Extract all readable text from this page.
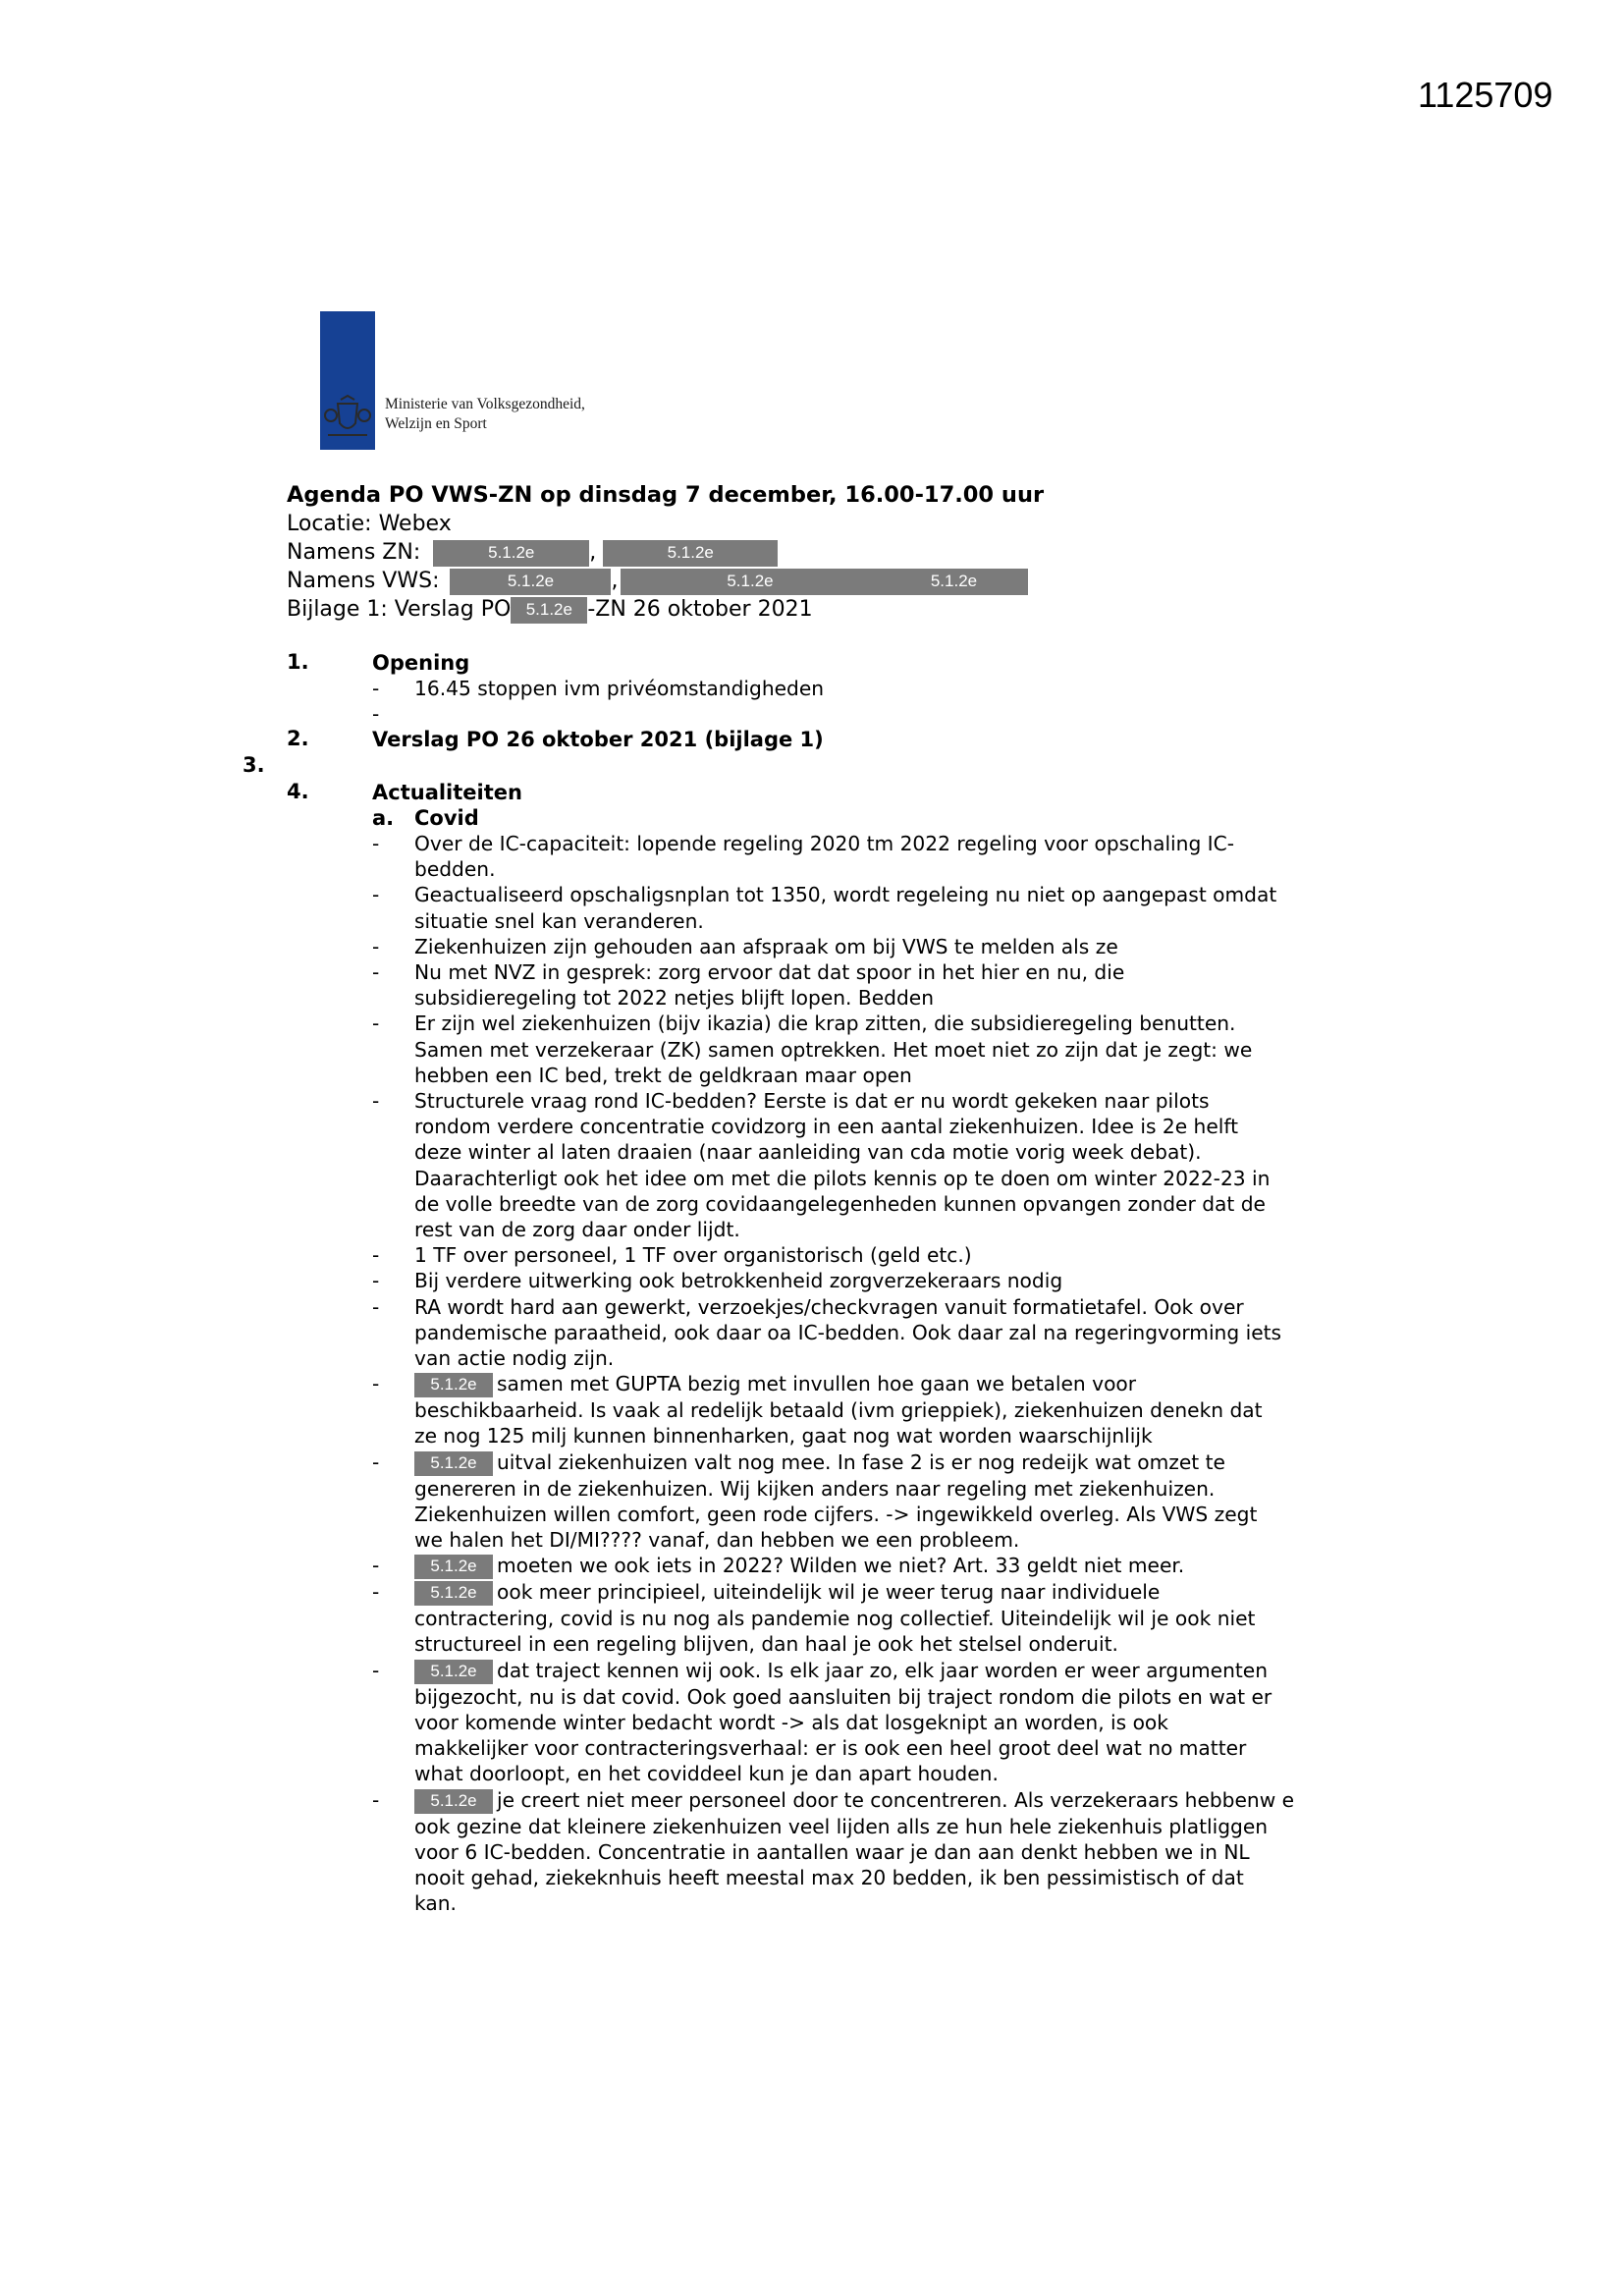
1125709
Ministerie van Volksgezondheid,
Welzijn en Sport
Agenda PO VWS-ZN op dinsdag 7 december, 16.00-17.00 uur
Locatie: Webex
Namens ZN:	5.1.2e	,	5.1.2e
Namens VWS:	5.1.2e	,	5.1.2e	5.1.2e
Bijlage 1: Verslag PO 5.1.2e -ZN 26 oktober 2021
1.	Opening
- 16.45 stoppen ivm privéomstandigheden
-
2.	Verslag PO 26 oktober 2021 (bijlage 1)
3.
4.	Actualiteiten
a. Covid
- Over de IC-capaciteit: lopende regeling 2020 tm 2022 regeling voor opschaling IC-
bedden.
- Geactualiseerd opschaligsnplan tot 1350, wordt regeleing nu niet op aangepast omdat
situatie snel kan veranderen.
- Ziekenhuizen zijn gehouden aan afspraak om bij VWS te melden als ze
- Nu met NVZ in gesprek: zorg ervoor dat dat spoor in het hier en nu, die
subsidieregeling tot 2022 netjes blijft lopen. Bedden
- Er zijn wel ziekenhuizen (bijv ikazia) die krap zitten, die subsidieregeling benutten.
Samen met verzekeraar (ZK) samen optrekken. Het moet niet zo zijn dat je zegt: we
hebben een IC bed, trekt de geldkraan maar open
- Structurele vraag rond IC-bedden? Eerste is dat er nu wordt gekeken naar pilots
rondom verdere concentratie covidzorg in een aantal ziekenhuizen. Idee is 2e helft
deze winter al laten draaien (naar aanleiding van cda motie vorig week debat).
Daarachterligt ook het idee om met die pilots kennis op te doen om winter 2022-23 in
de volle breedte van de zorg covidaangelegenheden kunnen opvangen zonder dat de
rest van de zorg daar onder lijdt.
- 1 TF over personeel, 1 TF over organistorisch (geld etc.)
- Bij verdere uitwerking ook betrokkenheid zorgverzekeraars nodig
- RA wordt hard aan gewerkt, verzoekjes/checkvragen vanuit formatietafel. Ook over
pandemische paraatheid, ook daar oa IC-bedden. Ook daar zal na regeringvorming iets
van actie nodig zijn.
-	5.1.2e samen met GUPTA bezig met invullen hoe gaan we betalen voor
beschikbaarheid. Is vaak al redelijk betaald (ivm grieppiek), ziekenhuizen denekn dat
ze nog 125 milj kunnen binnenharken, gaat nog wat worden waarschijnlijk
-	5.1.2e uitval ziekenhuizen valt nog mee. In fase 2 is er nog redeijk wat omzet te
genereren in de ziekenhuizen. Wij kijken anders naar regeling met ziekenhuizen.
Ziekenhuizen willen comfort, geen rode cijfers. -> ingewikkeld overleg. Als VWS zegt
we halen het DI/MI???? vanaf, dan hebben we een probleem.
-	5.1.2e moeten we ook iets in 2022? Wilden we niet? Art. 33 geldt niet meer.
-	5.1.2e ook meer principieel, uiteindelijk wil je weer terug naar individuele
contractering, covid is nu nog als pandemie nog collectief. Uiteindelijk wil je ook niet
structureel in een regeling blijven, dan haal je ook het stelsel onderuit.
-	5.1.2e dat traject kennen wij ook. Is elk jaar zo, elk jaar worden er weer argumenten
bijgezocht, nu is dat covid. Ook goed aansluiten bij traject rondom die pilots en wat er
voor komende winter bedacht wordt -> als dat losgeknipt an worden, is ook
makkelijker voor contracteringsverhaal: er is ook een heel groot deel wat no matter
what doorloopt, en het coviddeel kun je dan apart houden.
-	5.1.2e je creert niet meer personeel door te concentreren. Als verzekeraars hebbenw e
ook gezine dat kleinere ziekenhuizen veel lijden alls ze hun hele ziekenhuis platliggen
voor 6 IC-bedden. Concentratie in aantallen waar je dan aan denkt hebben we in NL
nooit gehad, ziekeknhuis heeft meestal max 20 bedden, ik ben pessimistisch of dat
kan.
